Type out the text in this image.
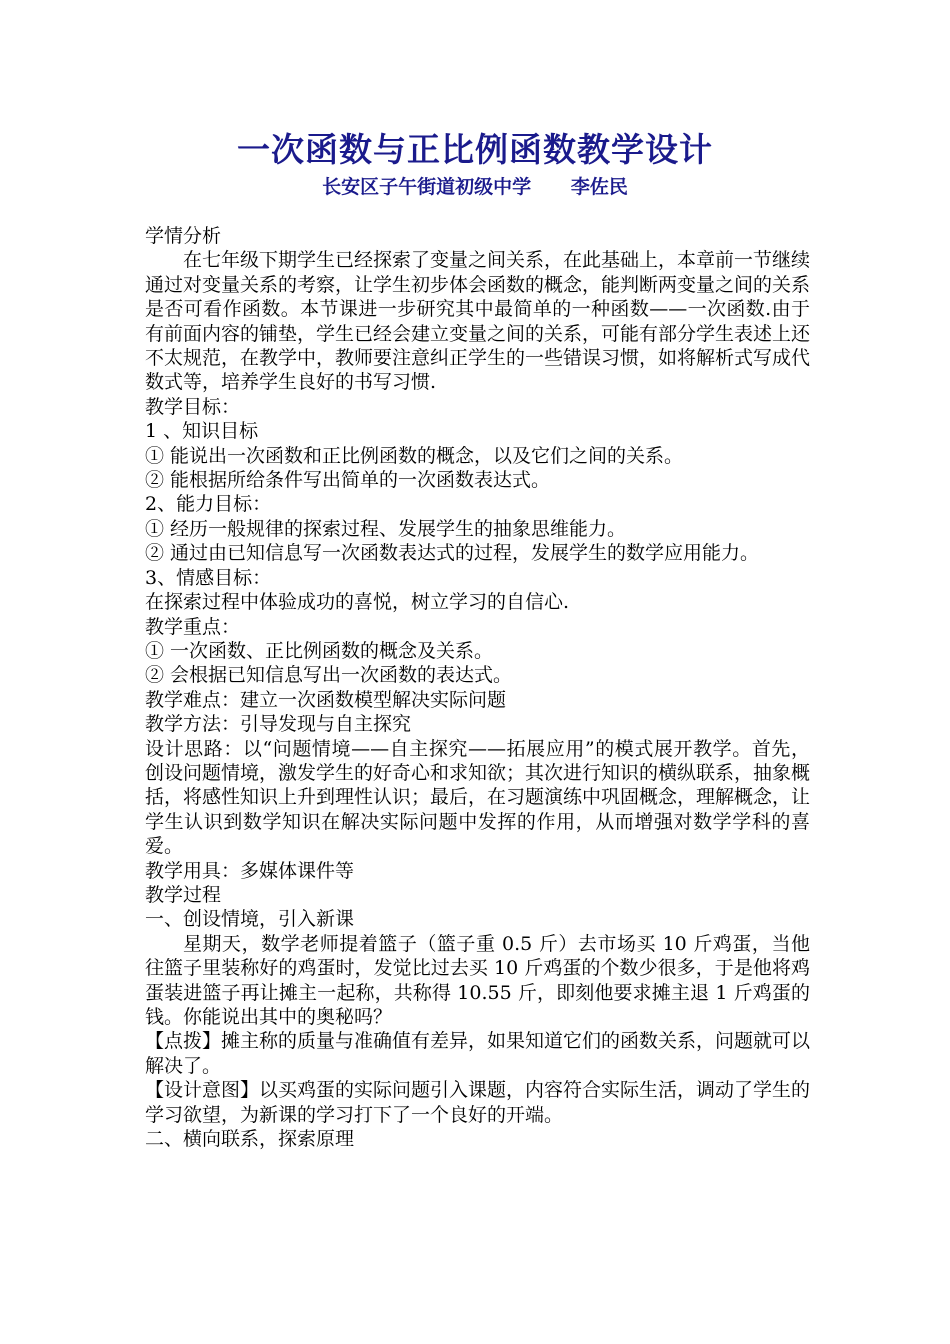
一次函数与正比例函数教学设计
长安区子午街道初级中学      李佐民

学情分析

在七年级下期学生已经探索了变量之间关系，在此基础上，本章前一节继续通过对变量关系的考察，让学生初步体会函数的概念，能判断两变量之间的关系是否可看作函数。本节课进一步研究其中最简单的一种函数——一次函数.由于有前面内容的铺垫，学生已经会建立变量之间的关系，可能有部分学生表述上还不太规范，在教学中，教师要注意纠正学生的一些错误习惯，如将解析式写成代数式等，培养学生良好的书写习惯.

教学目标：

1 、知识目标

① 能说出一次函数和正比例函数的概念，以及它们之间的关系。

② 能根据所给条件写出简单的一次函数表达式。

2、能力目标：

① 经历一般规律的探索过程、发展学生的抽象思维能力。

② 通过由已知信息写一次函数表达式的过程，发展学生的数学应用能力。

3、情感目标：

在探索过程中体验成功的喜悦，树立学习的自信心.

教学重点：

① 一次函数、正比例函数的概念及关系。

② 会根据已知信息写出一次函数的表达式。

教学难点：建立一次函数模型解决实际问题

教学方法：引导发现与自主探究

设计思路：以“问题情境——自主探究——拓展应用”的模式展开教学。首先，创设问题情境，激发学生的好奇心和求知欲；其次进行知识的横纵联系，抽象概括，将感性知识上升到理性认识；最后，在习题演练中巩固概念，理解概念，让学生认识到数学知识在解决实际问题中发挥的作用，从而增强对数学学科的喜爱。

教学用具：多媒体课件等

教学过程

一、创设情境，引入新课

星期天，数学老师提着篮子（篮子重 0.5 斤）去市场买 10 斤鸡蛋，当他往篮子里装称好的鸡蛋时，发觉比过去买 10 斤鸡蛋的个数少很多，于是他将鸡蛋装进篮子再让摊主一起称，共称得 10.55 斤，即刻他要求摊主退 1 斤鸡蛋的钱。你能说出其中的奥秘吗？

【点拨】摊主称的质量与准确值有差异，如果知道它们的函数关系，问题就可以解决了。

【设计意图】以买鸡蛋的实际问题引入课题，内容符合实际生活，调动了学生的学习欲望，为新课的学习打下了一个良好的开端。

二、横向联系，探索原理
